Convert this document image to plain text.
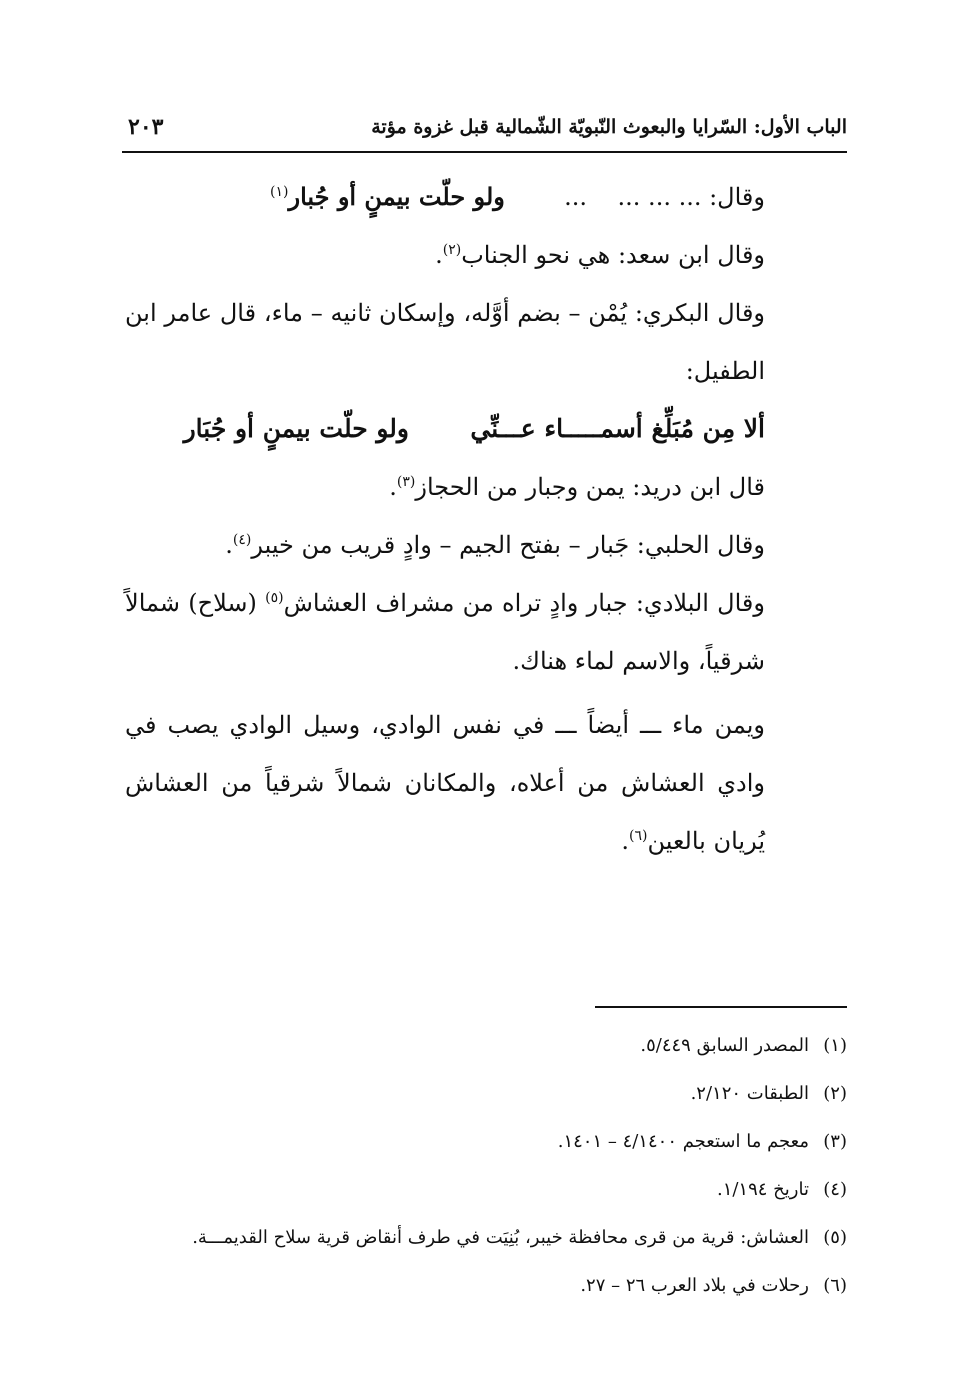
الباب الأول: السّرايا والبعوث النّبويّة الشّمالية قبل غزوة مؤتة
٢٠٣

وقال: ... ... ...    ...  ولو حلّت بيمنٍ أو جُبار$^{(١)}$

وقال ابن سعد: هي نحو الجناب$^{(٢)}$.

وقال البكري: يُمْن – بضم أوَّله، وإسكان ثانيه – ماء، قال عامر ابن الطفيل:

ألا مِن مُبَلِّغ أسمـــــاء عـــنِّي  ولو حلّت بيمنٍ أو جُبَار

قال ابن دريد: يمن وجبار من الحجاز$^{(٣)}$.

وقال الحلبي: جَبار – بفتح الجيم – وادٍ قريب من خيبر$^{(٤)}$.

وقال البلادي: جبار وادٍ تراه من مشراف العشاش$^{(٥)}$ (سلاح) شمالاً شرقياً، والاسم لماء هناك.

ويمن ماء ـــ أيضاً ـــ في نفس الوادي، وسيل الوادي يصب في وادي العشاش من أعلاه، والمكانان شمالاً شرقياً من العشاش يُريان بالعين$^{(٦)}$.

(١)المصدر السابق ٥/٤٤٩.
(٢)الطبقات ٢/١٢٠.
(٣)معجم ما استعجم ٤/١٤٠٠ – ١٤٠١.
(٤)تاريخ ١/١٩٤.
(٥)العشاش: قرية من قرى محافظة خيبر، بُنِيَت في طرف أنقاض قرية سلاح القديمـــة.
(٦)رحلات في بلاد العرب ٢٦ – ٢٧.
